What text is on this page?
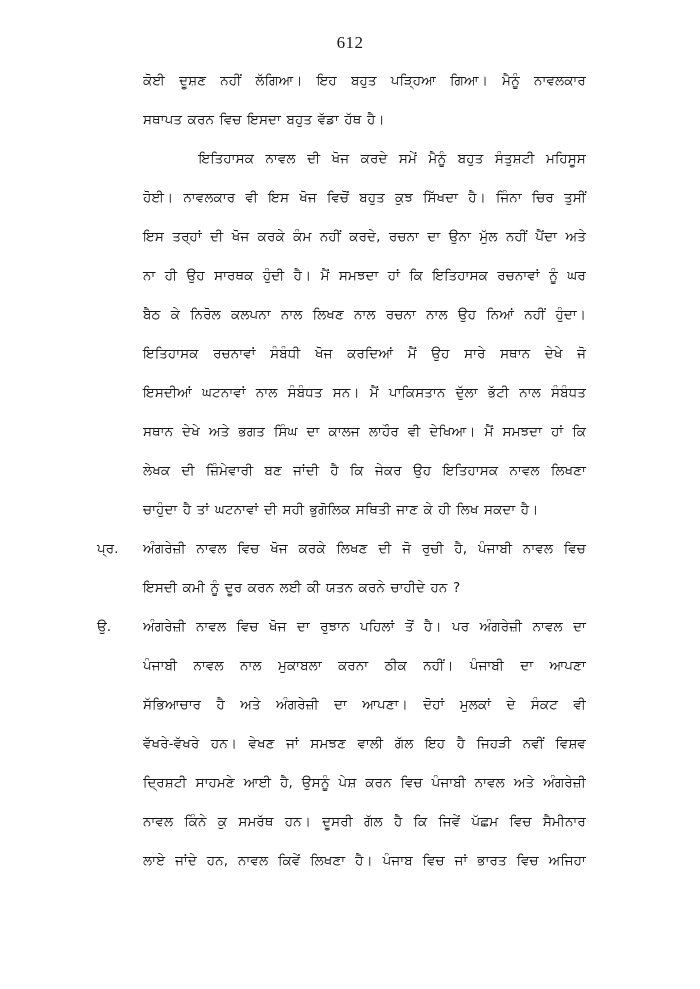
612
ਕੋਈ ਦੂਸ਼ਣ ਨਹੀਂ ਲੱਗਿਆ। ਇਹ ਬਹੁਤ ਪੜ੍ਹਿਆ ਗਿਆ। ਮੈਨੂੰ ਨਾਵਲਕਾਰ
ਸਥਾਪਤ ਕਰਨ ਵਿਚ ਇਸਦਾ ਬਹੁਤ ਵੱਡਾ ਹੱਥ ਹੈ।
ਇਤਿਹਾਸਕ ਨਾਵਲ ਦੀ ਖੋਜ ਕਰਦੇ ਸਮੇਂ ਮੈਨੂੰ ਬਹੁਤ ਸੰਤੁਸ਼ਟੀ ਮਹਿਸੂਸ
ਹੋਈ। ਨਾਵਲਕਾਰ ਵੀ ਇਸ ਖੋਜ ਵਿਚੋਂ ਬਹੁਤ ਕੁਝ ਸਿੱਖਦਾ ਹੈ। ਜਿੰਨਾ ਚਿਰ ਤੁਸੀਂ
ਇਸ ਤਰ੍ਹਾਂ ਦੀ ਖੋਜ ਕਰਕੇ ਕੰਮ ਨਹੀਂ ਕਰਦੇ, ਰਚਨਾ ਦਾ ਉਨਾ ਮੁੱਲ ਨਹੀਂ ਪੈਂਦਾ ਅਤੇ
ਨਾ ਹੀ ਉਹ ਸਾਰਥਕ ਹੁੰਦੀ ਹੈ। ਮੈਂ ਸਮਝਦਾ ਹਾਂ ਕਿ ਇਤਿਹਾਸਕ ਰਚਨਾਵਾਂ ਨੂੰ ਘਰ
ਬੈਠ ਕੇ ਨਿਰੋਲ ਕਲਪਨਾ ਨਾਲ ਲਿਖਣ ਨਾਲ ਰਚਨਾ ਨਾਲ ਉਹ ਨਿਆਂ ਨਹੀਂ ਹੁੰਦਾ।
ਇਤਿਹਾਸਕ ਰਚਨਾਵਾਂ ਸੰਬੰਧੀ ਖੋਜ ਕਰਦਿਆਂ ਮੈਂ ਉਹ ਸਾਰੇ ਸਥਾਨ ਦੇਖੇ ਜੋ
ਇਸਦੀਆਂ ਘਟਨਾਵਾਂ ਨਾਲ ਸੰਬੰਧਤ ਸਨ। ਮੈਂ ਪਾਕਿਸਤਾਨ ਦੁੱਲਾ ਭੱਟੀ ਨਾਲ ਸੰਬੰਧਤ
ਸਥਾਨ ਦੇਖੇ ਅਤੇ ਭਗਤ ਸਿੰਘ ਦਾ ਕਾਲਜ ਲਾਹੌਰ ਵੀ ਦੇਖਿਆ। ਮੈਂ ਸਮਝਦਾ ਹਾਂ ਕਿ
ਲੇਖਕ ਦੀ ਜ਼ਿੰਮੇਵਾਰੀ ਬਣ ਜਾਂਦੀ ਹੈ ਕਿ ਜੇਕਰ ਉਹ ਇਤਿਹਾਸਕ ਨਾਵਲ ਲਿਖਣਾ
ਚਾਹੁੰਦਾ ਹੈ ਤਾਂ ਘਟਨਾਵਾਂ ਦੀ ਸਹੀ ਭੁਗੋਲਿਕ ਸਥਿਤੀ ਜਾਣ ਕੇ ਹੀ ਲਿਖ ਸਕਦਾ ਹੈ।
ਪ੍ਰ.	ਅੰਗਰੇਜ਼ੀ ਨਾਵਲ ਵਿਚ ਖੋਜ ਕਰਕੇ ਲਿਖਣ ਦੀ ਜੋ ਰੁਚੀ ਹੈ, ਪੰਜਾਬੀ ਨਾਵਲ ਵਿਚ
ਇਸਦੀ ਕਮੀ ਨੂੰ ਦੂਰ ਕਰਨ ਲਈ ਕੀ ਯਤਨ ਕਰਨੇ ਚਾਹੀਦੇ ਹਨ ?
ਉ.	ਅੰਗਰੇਜ਼ੀ ਨਾਵਲ ਵਿਚ ਖੋਜ ਦਾ ਰੁਝਾਨ ਪਹਿਲਾਂ ਤੋਂ ਹੈ। ਪਰ ਅੰਗਰੇਜ਼ੀ ਨਾਵਲ ਦਾ
ਪੰਜਾਬੀ ਨਾਵਲ ਨਾਲ ਮੁਕਾਬਲਾ ਕਰਨਾ ਠੀਕ ਨਹੀਂ। ਪੰਜਾਬੀ ਦਾ ਆਪਣਾ
ਸੱਭਿਆਚਾਰ ਹੈ ਅਤੇ ਅੰਗਰੇਜ਼ੀ ਦਾ ਆਪਣਾ। ਦੋਹਾਂ ਮੁਲਕਾਂ ਦੇ ਸੰਕਟ ਵੀ
ਵੱਖਰੇ-ਵੱਖਰੇ ਹਨ। ਵੇਖਣ ਜਾਂ ਸਮਝਣ ਵਾਲੀ ਗੱਲ ਇਹ ਹੈ ਜਿਹੜੀ ਨਵੀਂ ਵਿਸ਼ਵ
ਦ੍ਰਿਸ਼ਟੀ ਸਾਹਮਣੇ ਆਈ ਹੈ, ਉਸਨੂੰ ਪੇਸ਼ ਕਰਨ ਵਿਚ ਪੰਜਾਬੀ ਨਾਵਲ ਅਤੇ ਅੰਗਰੇਜ਼ੀ
ਨਾਵਲ ਕਿੰਨੇ ਕੁ ਸਮਰੱਥ ਹਨ। ਦੂਸਰੀ ਗੱਲ ਹੈ ਕਿ ਜਿਵੇਂ ਪੱਛਮ ਵਿਚ ਸੈਮੀਨਾਰ
ਲਾਏ ਜਾਂਦੇ ਹਨ, ਨਾਵਲ ਕਿਵੇਂ ਲਿਖਣਾ ਹੈ। ਪੰਜਾਬ ਵਿਚ ਜਾਂ ਭਾਰਤ ਵਿਚ ਅਜਿਹਾ
